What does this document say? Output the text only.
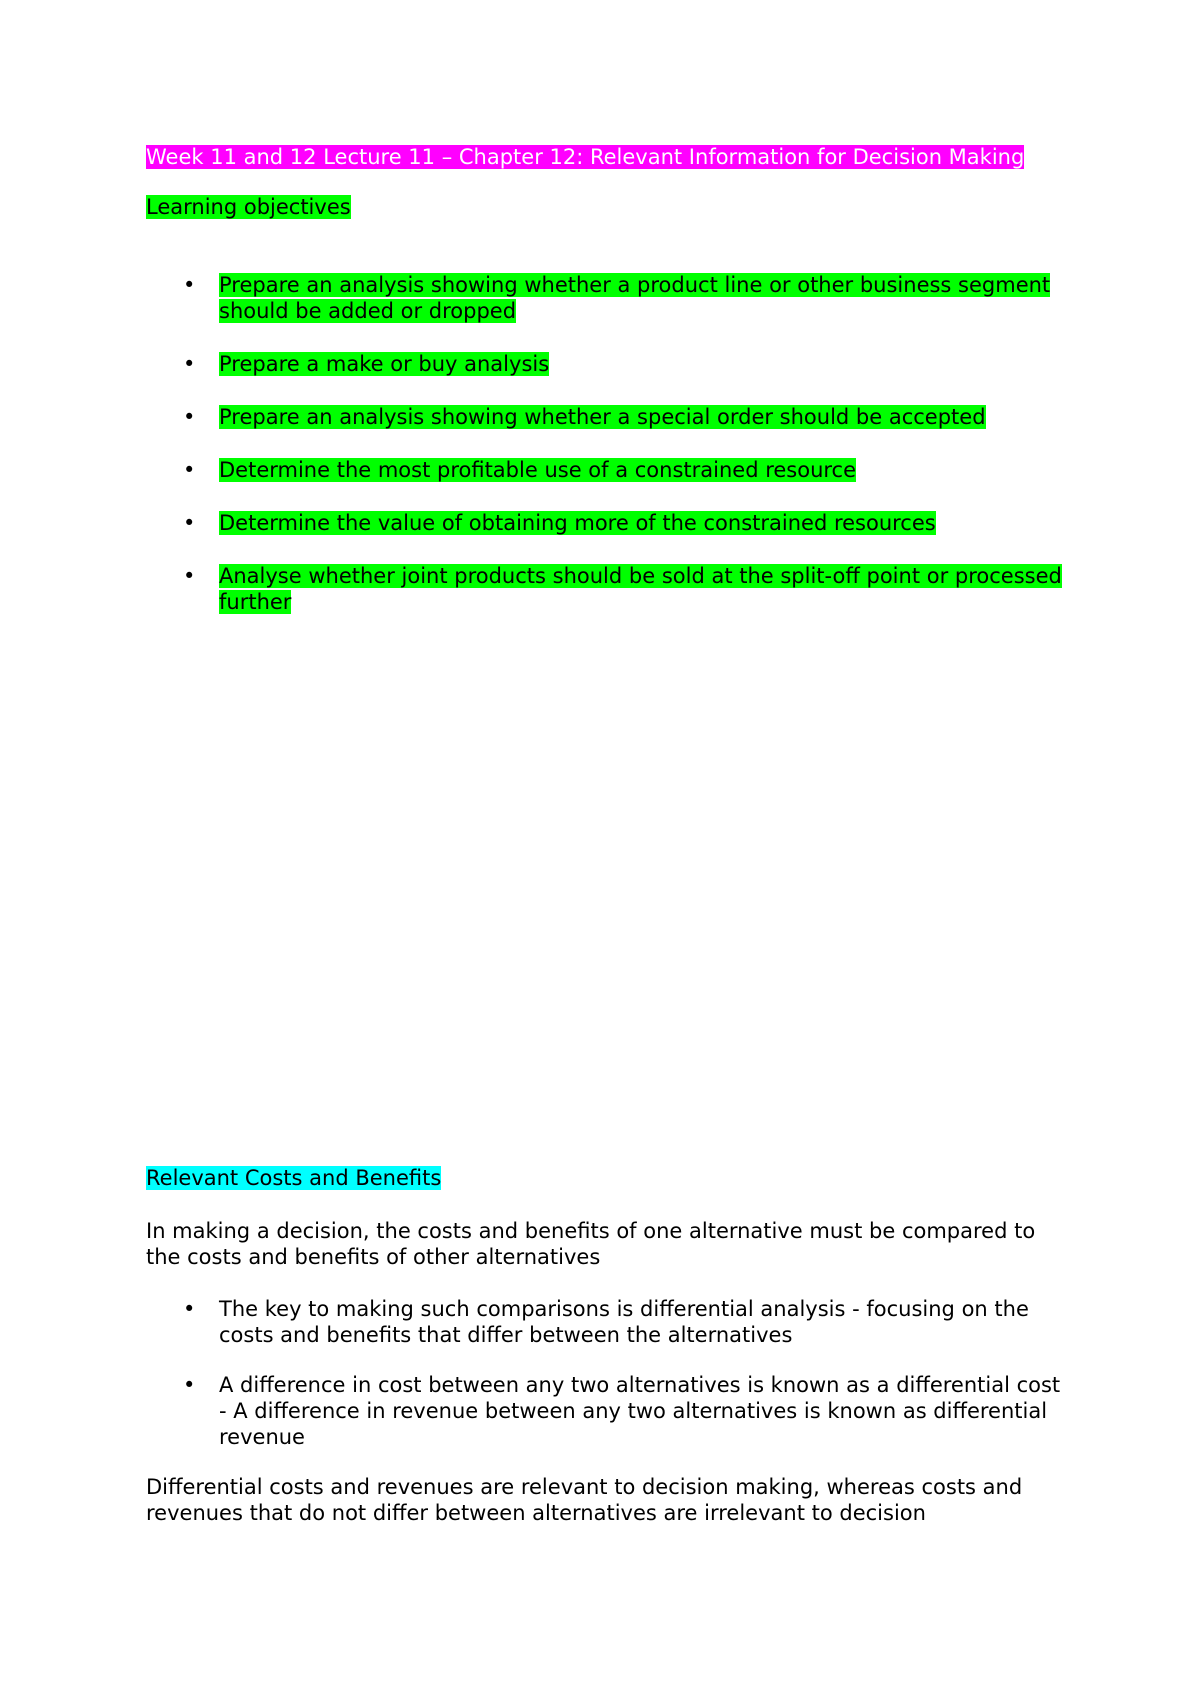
Week 11 and 12 Lecture 11 – Chapter 12: Relevant Information for Decision Making

Learning objectives

• Prepare an analysis showing whether a product line or other business segment should be added or dropped
• Prepare a make or buy analysis
• Prepare an analysis showing whether a special order should be accepted
• Determine the most profitable use of a constrained resource
• Determine the value of obtaining more of the constrained resources
• Analyse whether joint products should be sold at the split-off point or processed further

Relevant Costs and Benefits

In making a decision, the costs and benefits of one alternative must be compared to the costs and benefits of other alternatives

• The key to making such comparisons is differential analysis - focusing on the costs and benefits that differ between the alternatives
• A difference in cost between any two alternatives is known as a differential cost - A difference in revenue between any two alternatives is known as differential revenue

Differential costs and revenues are relevant to decision making, whereas costs and revenues that do not differ between alternatives are irrelevant to decision
